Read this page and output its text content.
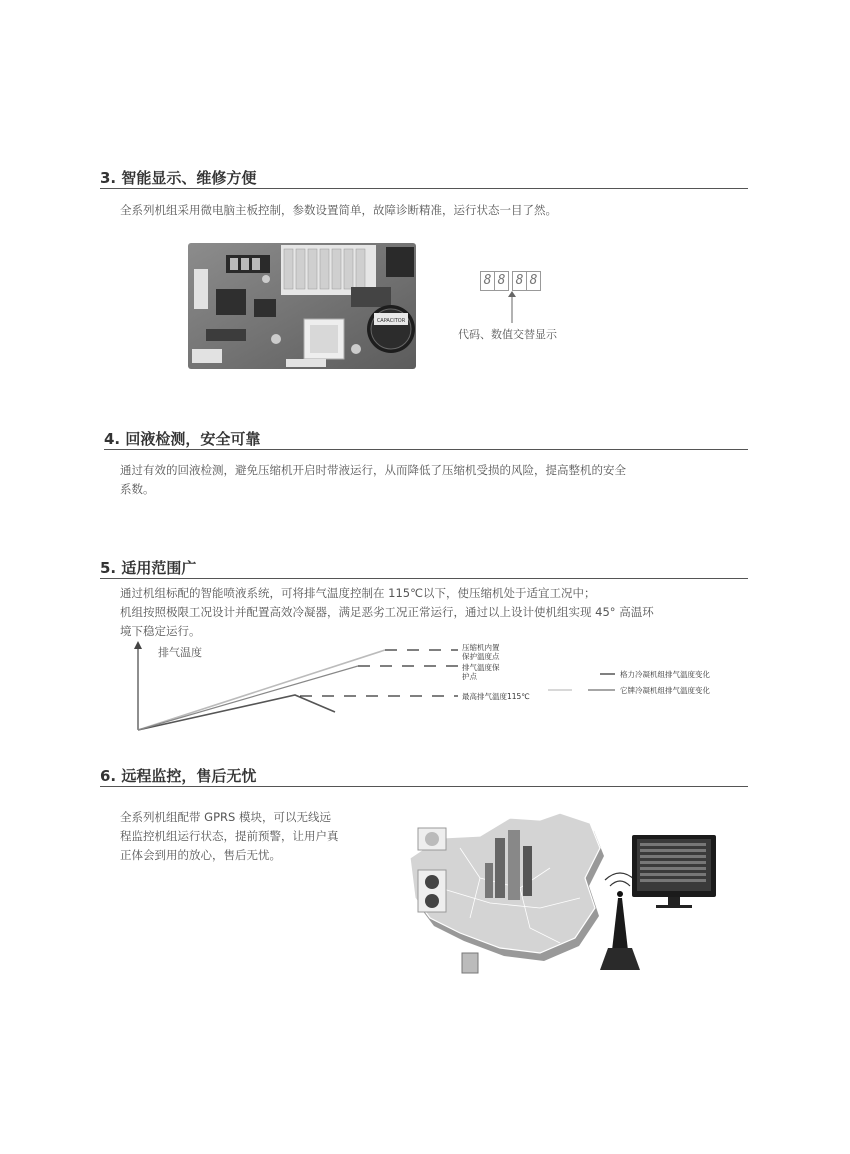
3. 智能显示、维修方便
全系列机组采用微电脑主板控制，参数设置简单，故障诊断精准，运行状态一目了然。
CAPACITOR
8 8 8 8
代码、数值交替显示
4. 回液检测，安全可靠
通过有效的回液检测，避免压缩机开启时带液运行，从而降低了压缩机受损的风险，提高整机的安全
系数。
5. 适用范围广
通过机组标配的智能喷液系统，可将排气温度控制在 115℃以下，使压缩机处于适宜工况中；
机组按照极限工况设计并配置高效冷凝器，满足恶劣工况正常运行，通过以上设计使机组实现 45° 高温环
境下稳定运行。
排气温度	压缩机内置
保护温度点
排气温度保
护点
最高排气温度115℃
格力冷凝机组排气温度变化
它牌冷凝机组排气温度变化
6. 远程监控，售后无忧
全系列机组配带 GPRS 模块，可以无线远
程监控机组运行状态，提前预警，让用户真
正体会到用的放心，售后无忧。
